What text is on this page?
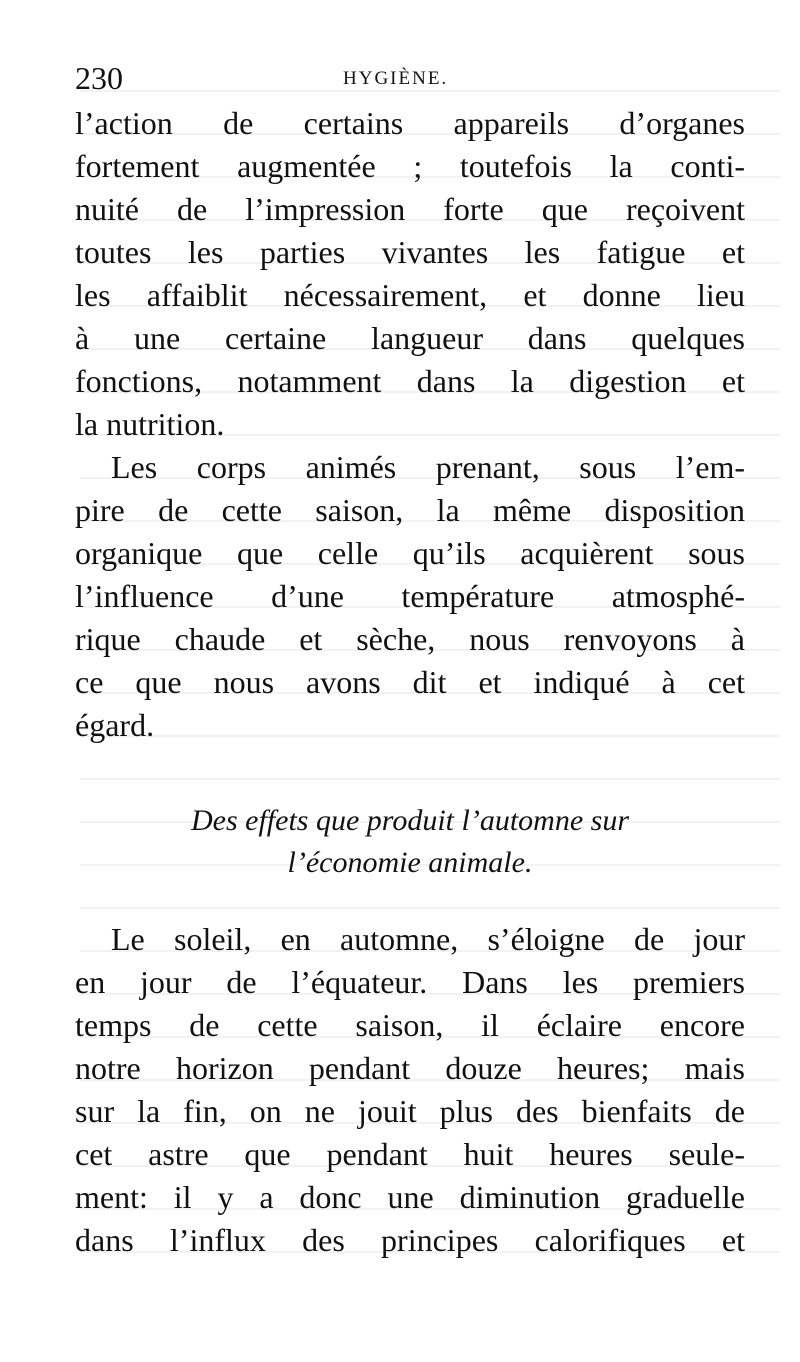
230	HYGIÈNE.
l’action de certains appareils d’organes
fortement augmentée ; toutefois la conti-
nuité de l’impression forte que reçoivent
toutes les parties vivantes les fatigue et
les affaiblit nécessairement, et donne lieu
à une certaine langueur dans quelques
fonctions, notamment dans la digestion et
la nutrition.
Les corps animés prenant, sous l’em-
pire de cette saison, la même disposition
organique que celle qu’ils acquièrent sous
l’influence d’une température atmosphé-
rique chaude et sèche, nous renvoyons à
ce que nous avons dit et indiqué à cet
égard.
Des effets que produit l’automne sur
l’économie animale.
Le soleil, en automne, s’éloigne de jour
en jour de l’équateur. Dans les premiers
temps de cette saison, il éclaire encore
notre horizon pendant douze heures; mais
sur la fin, on ne jouit plus des bienfaits de
cet astre que pendant huit heures seule-
ment: il y a donc une diminution graduelle
dans l’influx des principes calorifiques et
